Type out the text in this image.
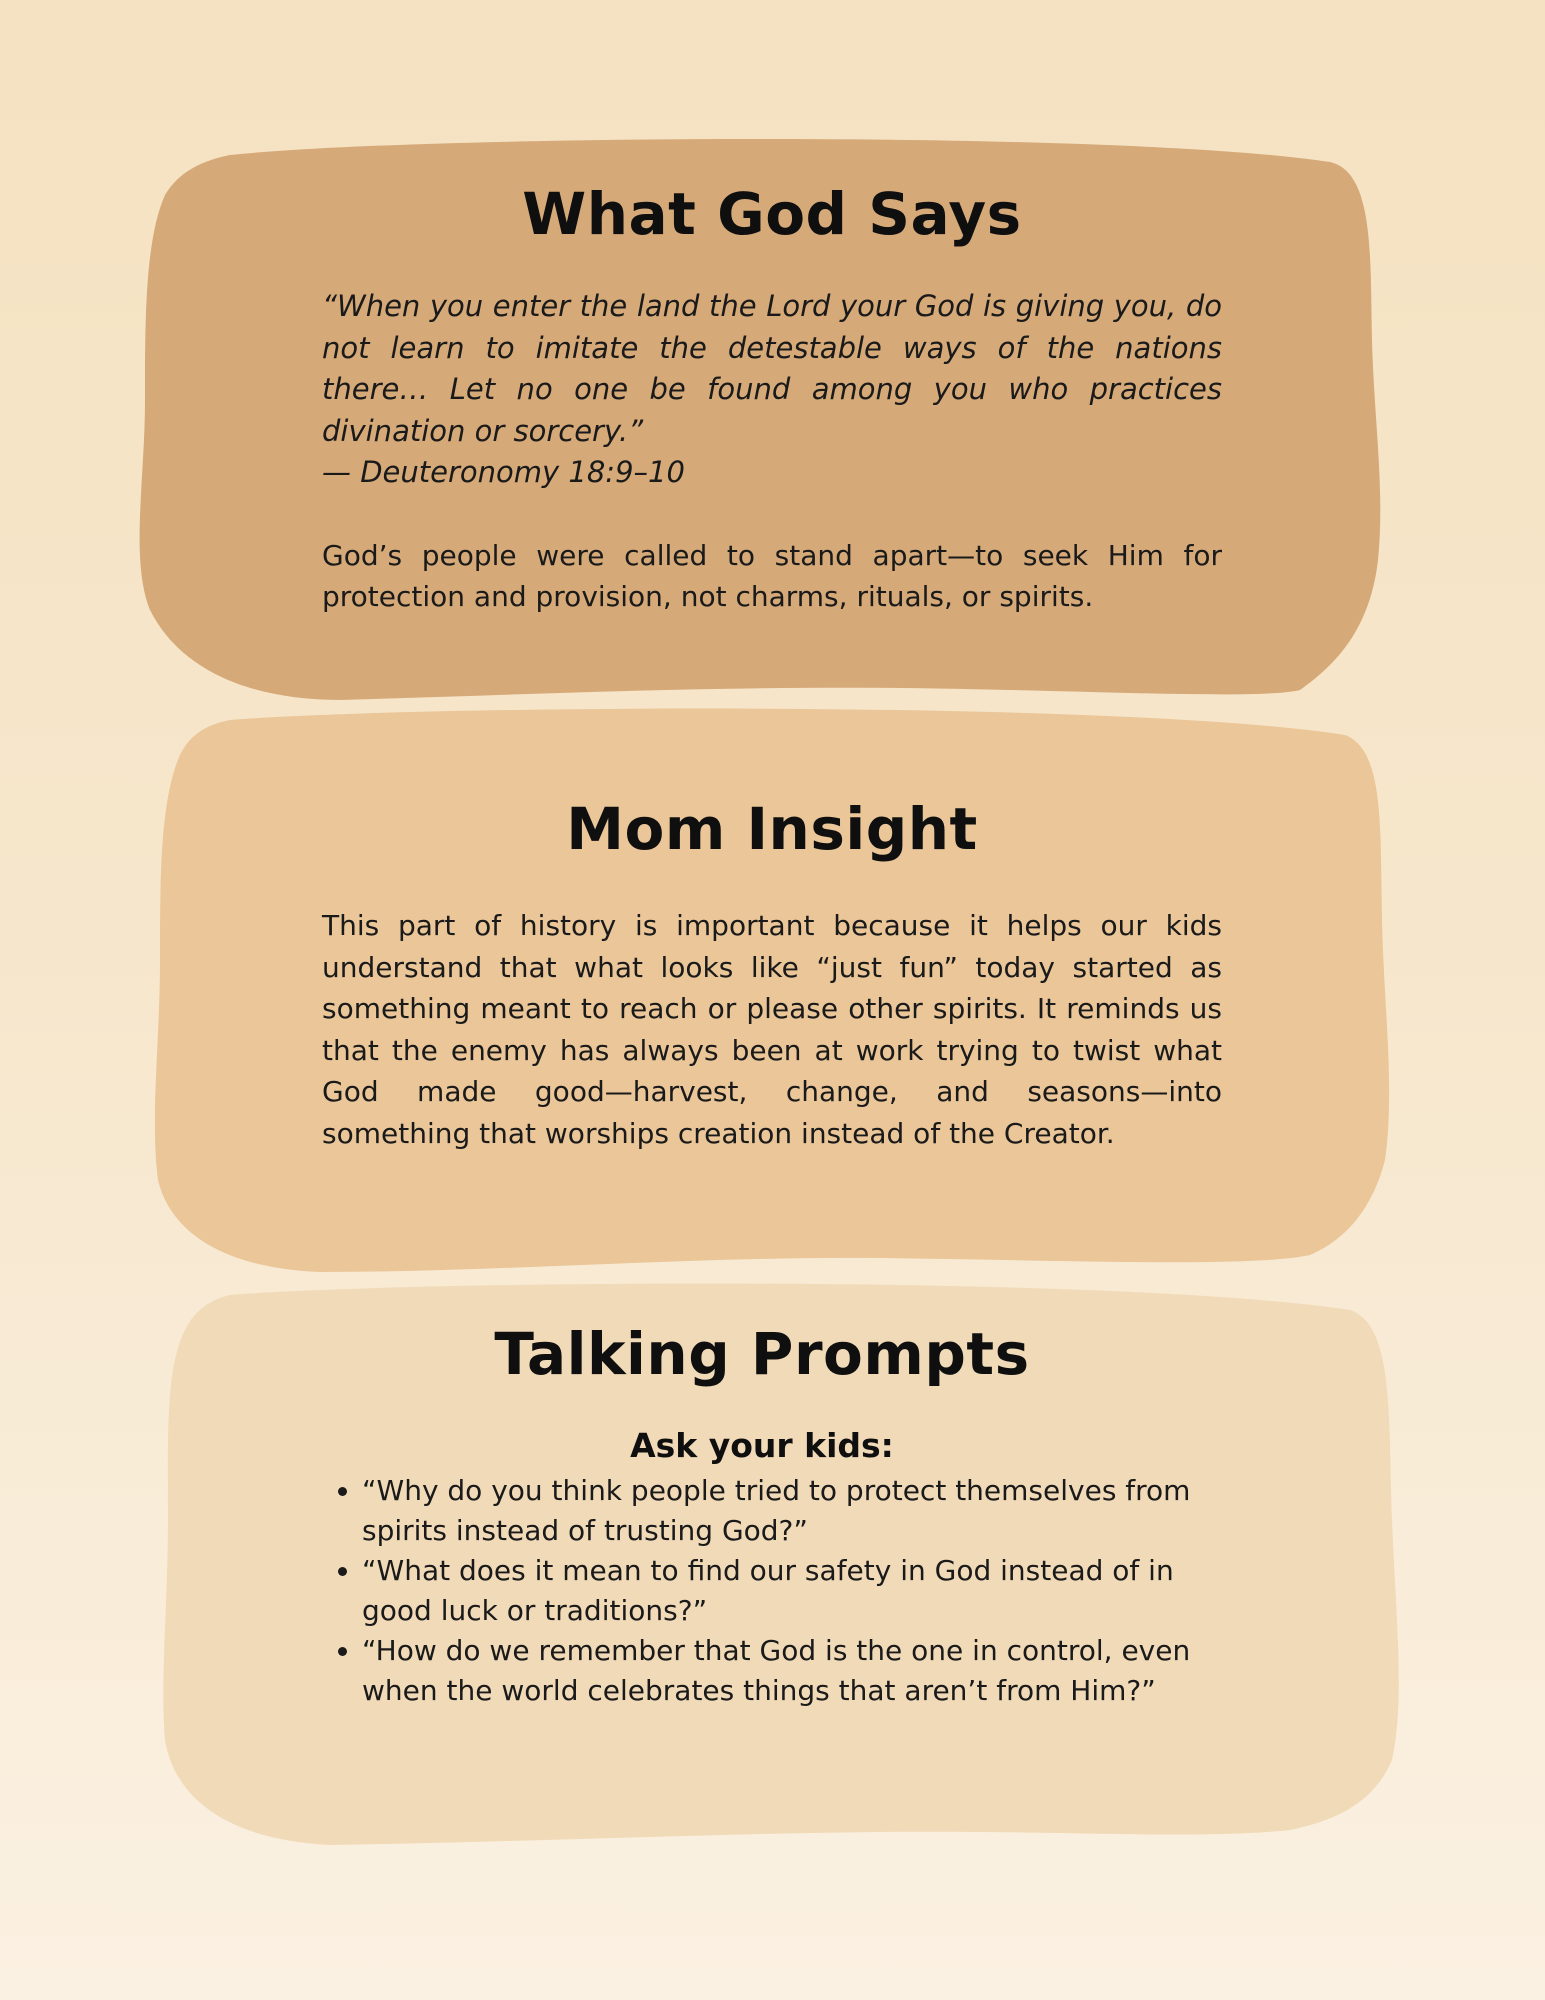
What God Says

“When you enter the land the Lord your God is giving you, do not learn to imitate the detestable ways of the nations there… Let no one be found among you who practices divination or sorcery.”

— Deuteronomy 18:9–10

God’s people were called to stand apart—to seek Him for protection and provision, not charms, rituals, or spirits.

Mom Insight

This part of history is important because it helps our kids understand that what looks like “just fun” today started as something meant to reach or please other spirits. It reminds us that the enemy has always been at work trying to twist what God made good—harvest, change, and seasons—into something that worships creation instead of the Creator.

Talking Prompts

Ask your kids:

• “Why do you think people tried to protect themselves from spirits instead of trusting God?”
• “What does it mean to find our safety in God instead of in good luck or traditions?”
• “How do we remember that God is the one in control, even when the world celebrates things that aren’t from Him?”
